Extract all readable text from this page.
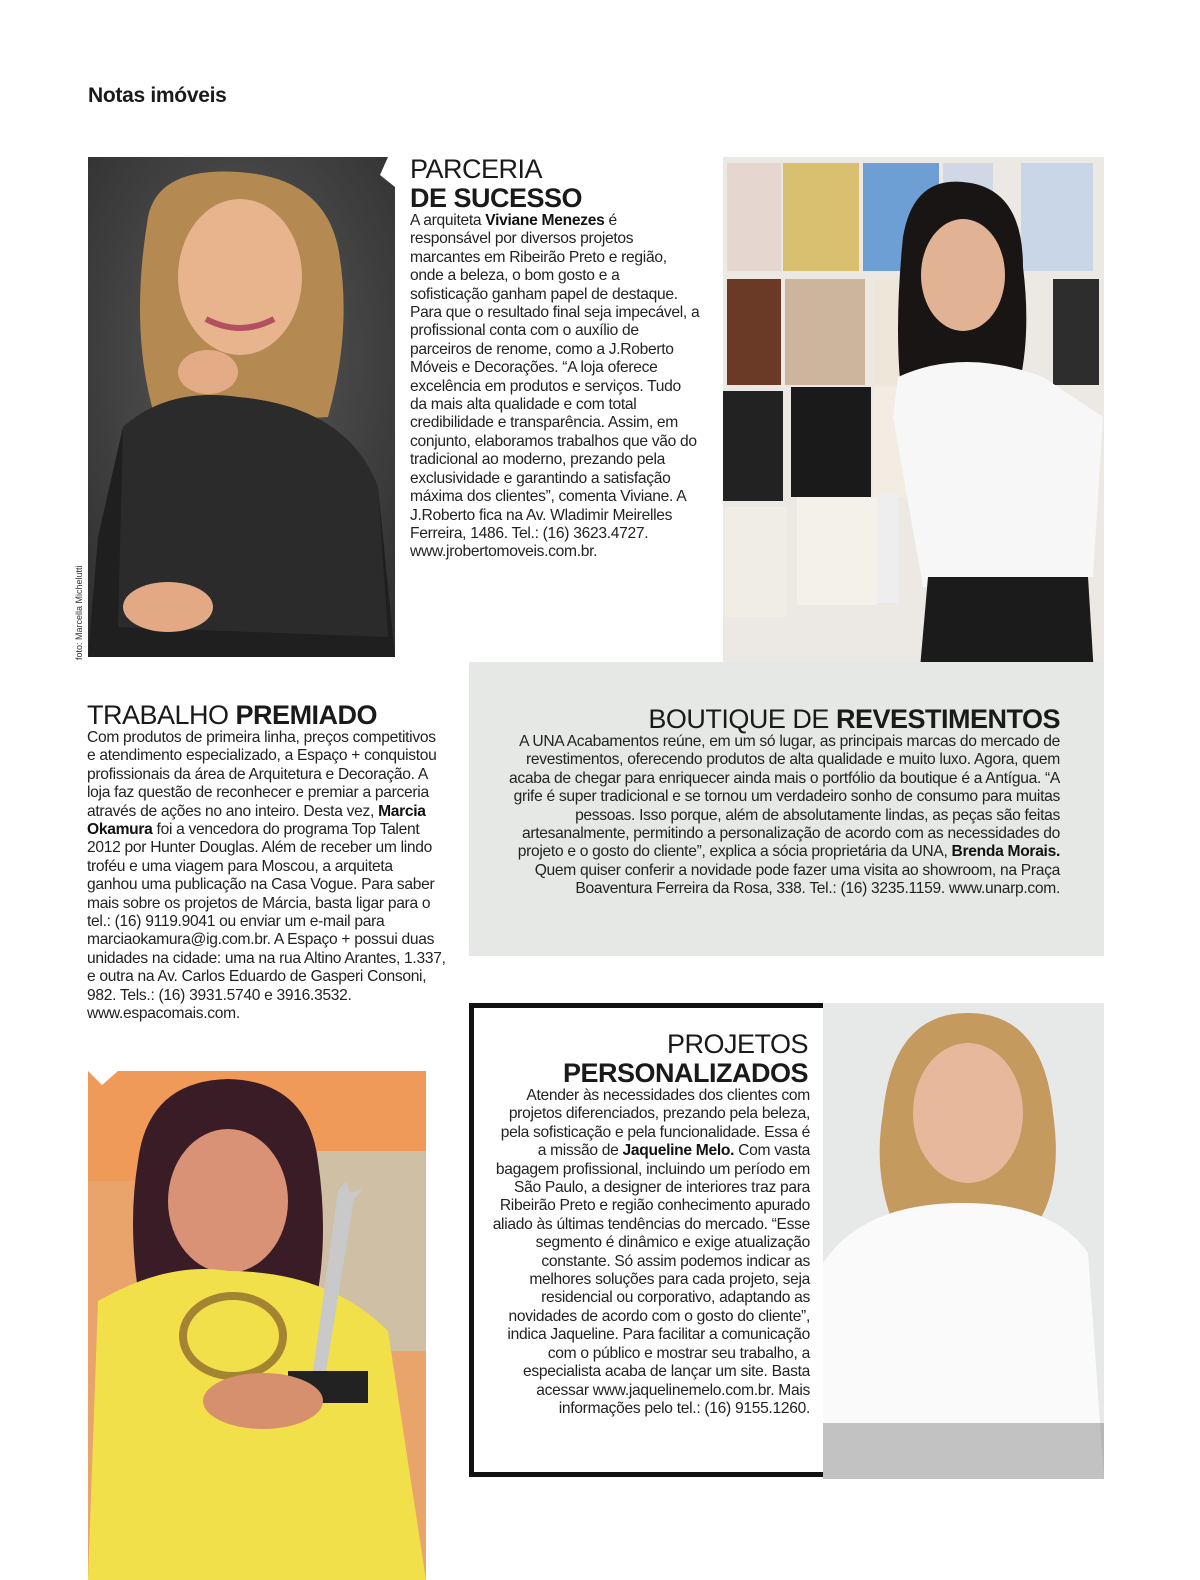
Notas imóveis
foto: Marcella Michelutti
PARCERIA
DE SUCESSO
A arquiteta Viviane Menezes é responsável por diversos projetos marcantes em Ribeirão Preto e região, onde a beleza, o bom gosto e a sofisticação ganham papel de destaque. Para que o resultado final seja impecável, a profissional conta com o auxílio de parceiros de renome, como a J.Roberto Móveis e Decorações. “A loja oferece excelência em produtos e serviços. Tudo da mais alta qualidade e com total credibilidade e transparência. Assim, em conjunto, elaboramos trabalhos que vão do tradicional ao moderno, prezando pela exclusividade e garantindo a satisfação máxima dos clientes”, comenta Viviane. A J.Roberto fica na Av. Wladimir Meirelles Ferreira, 1486. Tel.: (16) 3623.4727. www.jrobertomoveis.com.br.
TRABALHO PREMIADO
Com produtos de primeira linha, preços competitivos e atendimento especializado, a Espaço + conquistou profissionais da área de Arquitetura e Decoração. A loja faz questão de reconhecer e premiar a parceria através de ações no ano inteiro. Desta vez, Marcia Okamura foi a vencedora do programa Top Talent 2012 por Hunter Douglas. Além de receber um lindo troféu e uma viagem para Moscou, a arquiteta ganhou uma publicação na Casa Vogue. Para saber mais sobre os projetos de Márcia, basta ligar para o tel.: (16) 9119.9041 ou enviar um e-mail para marciaokamura@ig.com.br. A Espaço + possui duas unidades na cidade: uma na rua Altino Arantes, 1.337, e outra na Av. Carlos Eduardo de Gasperi Consoni, 982. Tels.: (16) 3931.5740 e 3916.3532. www.espacomais.com.
BOUTIQUE DE REVESTIMENTOS
A UNA Acabamentos reúne, em um só lugar, as principais marcas do mercado de revestimentos, oferecendo produtos de alta qualidade e muito luxo. Agora, quem acaba de chegar para enriquecer ainda mais o portfólio da boutique é a Antígua. “A grife é super tradicional e se tornou um verdadeiro sonho de consumo para muitas pessoas. Isso porque, além de absolutamente lindas, as peças são feitas artesanalmente, permitindo a personalização de acordo com as necessidades do projeto e o gosto do cliente”, explica a sócia proprietária da UNA, Brenda Morais. Quem quiser conferir a novidade pode fazer uma visita ao showroom, na Praça Boaventura Ferreira da Rosa, 338. Tel.: (16) 3235.1159. www.unarp.com.
PROJETOS
PERSONALIZADOS
Atender às necessidades dos clientes com projetos diferenciados, prezando pela beleza, pela sofisticação e pela funcionalidade. Essa é a missão de Jaqueline Melo. Com vasta bagagem profissional, incluindo um período em São Paulo, a designer de interiores traz para Ribeirão Preto e região conhecimento apurado aliado às últimas tendências do mercado. “Esse segmento é dinâmico e exige atualização constante. Só assim podemos indicar as melhores soluções para cada projeto, seja residencial ou corporativo, adaptando as novidades de acordo com o gosto do cliente”, indica Jaqueline. Para facilitar a comunicação com o público e mostrar seu trabalho, a especialista acaba de lançar um site. Basta acessar www.jaquelinemelo.com.br. Mais informações pelo tel.: (16) 9155.1260.
